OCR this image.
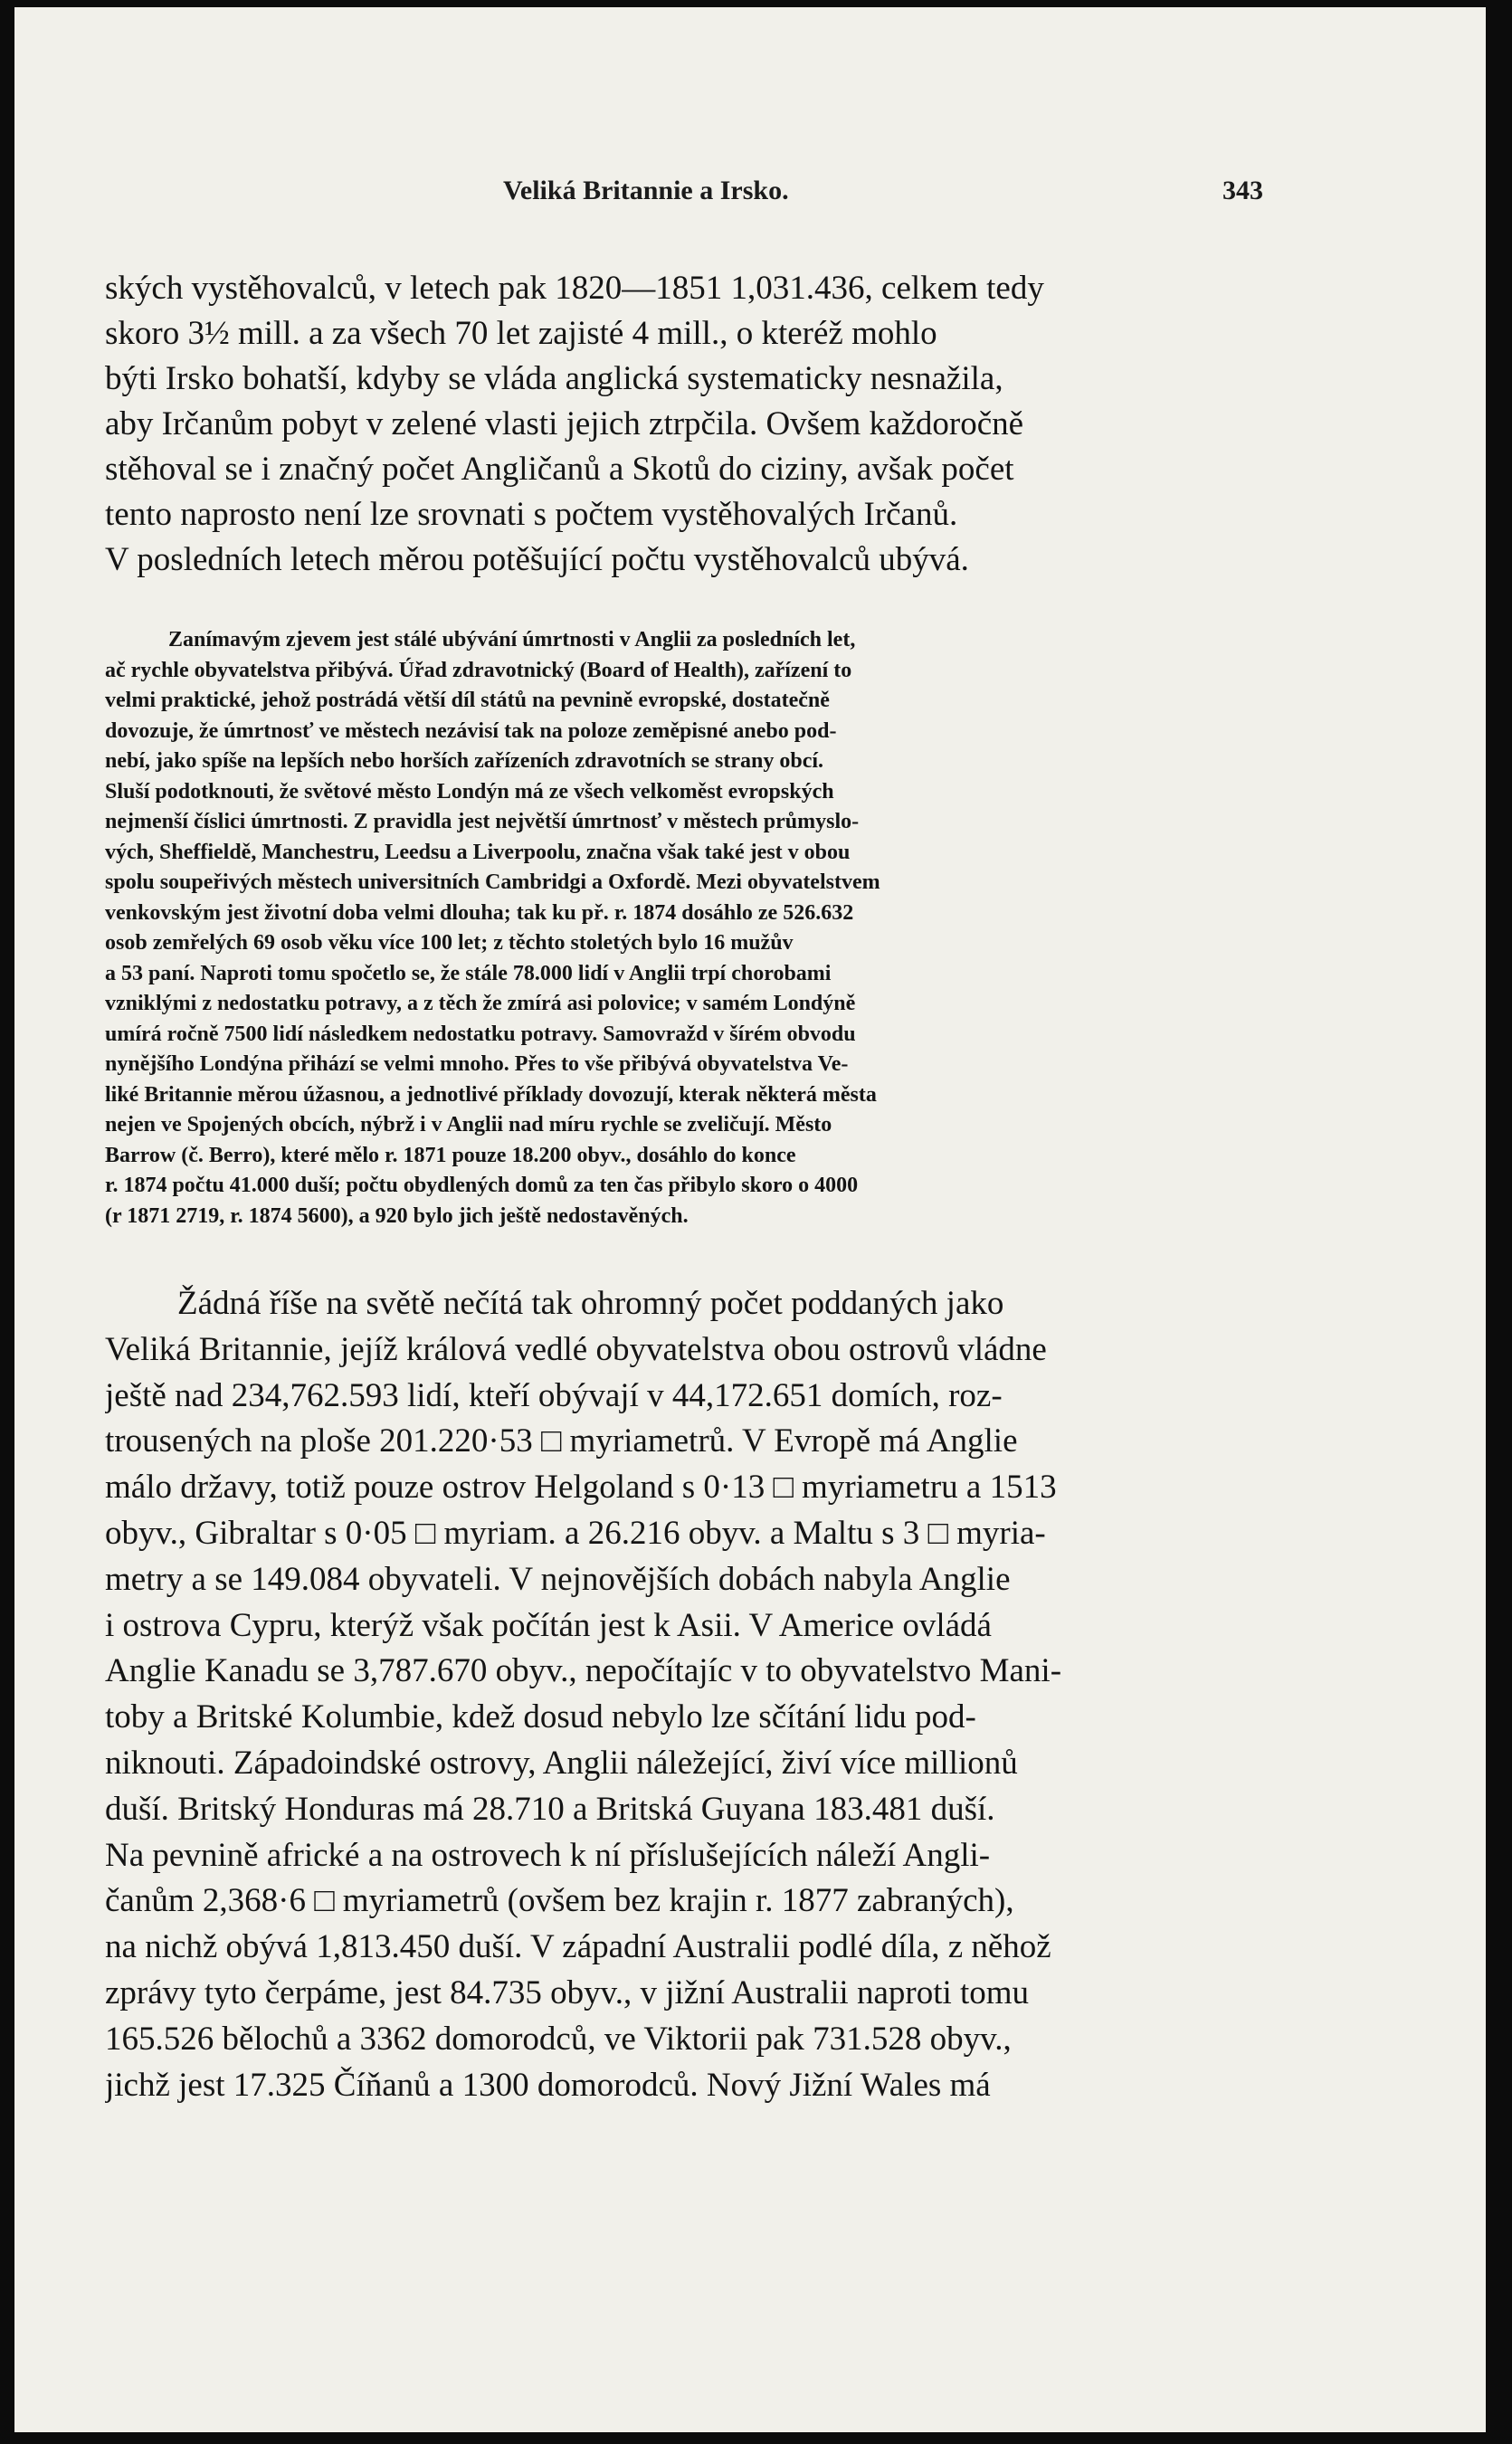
Veliká Britannie a Irsko.	343
ských vystěhovalců, v letech pak 1820—1851 1,031.436, celkem tedy
skoro 3½ mill. a za všech 70 let zajisté 4 mill., o kteréž mohlo
býti Irsko bohatší, kdyby se vláda anglická systematicky nesnažila,
aby Irčanům pobyt v zelené vlasti jejich ztrpčila. Ovšem každoročně
stěhoval se i značný počet Angličanů a Skotů do ciziny, avšak počet
tento naprosto není lze srovnati s počtem vystěhovalých Irčanů.
V posledních letech měrou potěšující počtu vystěhovalců ubývá.
Zanímavým zjevem jest stálé ubývání úmrtnosti v Anglii za posledních let,
ač rychle obyvatelstva přibývá. Úřad zdravotnický (Board of Health), zařízení to
velmi praktické, jehož postrádá větší díl států na pevnině evropské, dostatečně
dovozuje, že úmrtnosť ve městech nezávisí tak na poloze zeměpisné anebo pod-
nebí, jako spíše na lepších nebo horších zařízeních zdravotních se strany obcí.
Sluší podotknouti, že světové město Londýn má ze všech velkoměst evropských
nejmenší číslici úmrtnosti. Z pravidla jest největší úmrtnosť v městech průmyslo-
vých, Sheffieldě, Manchestru, Leedsu a Liverpoolu, značna však také jest v obou
spolu soupeřivých městech universitních Cambridgi a Oxfordě. Mezi obyvatelstvem
venkovským jest životní doba velmi dlouha; tak ku př. r. 1874 dosáhlo ze 526.632
osob zemřelých 69 osob věku více 100 let; z těchto stoletých bylo 16 mužův
a 53 paní. Naproti tomu spočetlo se, že stále 78.000 lidí v Anglii trpí chorobami
vzniklými z nedostatku potravy, a z těch že zmírá asi polovice; v samém Londýně
umírá ročně 7500 lidí následkem nedostatku potravy. Samovražd v šírém obvodu
nynějšího Londýna přihází se velmi mnoho. Přes to vše přibývá obyvatelstva Ve-
liké Britannie měrou úžasnou, a jednotlivé příklady dovozují, kterak některá města
nejen ve Spojených obcích, nýbrž i v Anglii nad míru rychle se zveličují. Město
Barrow (č. Berro), které mělo r. 1871 pouze 18.200 obyv., dosáhlo do konce
r. 1874 počtu 41.000 duší; počtu obydlených domů za ten čas přibylo skoro o 4000
(r 1871 2719, r. 1874 5600), a 920 bylo jich ještě nedostavěných.
Žádná říše na světě nečítá tak ohromný počet poddaných jako
Veliká Britannie, jejíž králová vedlé obyvatelstva obou ostrovů vládne
ještě nad 234,762.593 lidí, kteří obývají v 44,172.651 domích, roz-
trousených na ploše 201.220·53 □ myriametrů. V Evropě má Anglie
málo državy, totiž pouze ostrov Helgoland s 0·13 □ myriametru a 1513
obyv., Gibraltar s 0·05 □ myriam. a 26.216 obyv. a Maltu s 3 □ myria-
metry a se 149.084 obyvateli. V nejnovějších dobách nabyla Anglie
i ostrova Cypru, kterýž však počítán jest k Asii. V Americe ovládá
Anglie Kanadu se 3,787.670 obyv., nepočítajíc v to obyvatelstvo Mani-
toby a Britské Kolumbie, kdež dosud nebylo lze sčítání lidu pod-
niknouti. Západoindské ostrovy, Anglii náležející, živí více millionů
duší. Britský Honduras má 28.710 a Britská Guyana 183.481 duší.
Na pevnině africké a na ostrovech k ní příslušejících náleží Angli-
čanům 2,368·6 □ myriametrů (ovšem bez krajin r. 1877 zabraných),
na nichž obývá 1,813.450 duší. V západní Australii podlé díla, z něhož
zprávy tyto čerpáme, jest 84.735 obyv., v jižní Australii naproti tomu
165.526 bělochů a 3362 domorodců, ve Viktorii pak 731.528 obyv.,
jichž jest 17.325 Číňanů a 1300 domorodců. Nový Jižní Wales má
